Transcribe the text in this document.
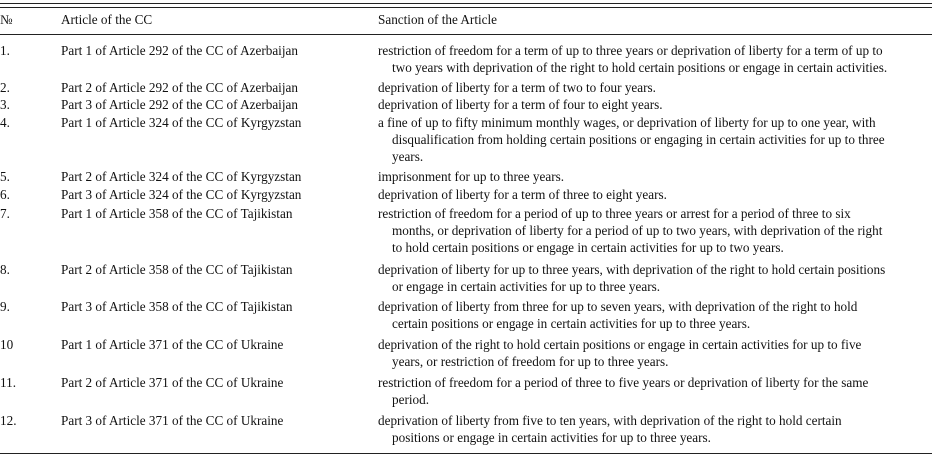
№	Article of the CC	Sanction of the Article
1.	Part 1 of Article 292 of the CC of Azerbaijan	restriction of freedom for a term of up to three years or deprivation of liberty for a term of up to
two years with deprivation of the right to hold certain positions or engage in certain activities.
2.	Part 2 of Article 292 of the CC of Azerbaijan	deprivation of liberty for a term of two to four years.
3.	Part 3 of Article 292 of the CC of Azerbaijan	deprivation of liberty for a term of four to eight years.
4.	Part 1 of Article 324 of the CC of Kyrgyzstan	a fine of up to fifty minimum monthly wages, or deprivation of liberty for up to one year, with
disqualification from holding certain positions or engaging in certain activities for up to three
years.
5.	Part 2 of Article 324 of the CC of Kyrgyzstan	imprisonment for up to three years.
6.	Part 3 of Article 324 of the CC of Kyrgyzstan	deprivation of liberty for a term of three to eight years.
7.	Part 1 of Article 358 of the CC of Tajikistan	restriction of freedom for a period of up to three years or arrest for a period of three to six
months, or deprivation of liberty for a period of up to two years, with deprivation of the right
to hold certain positions or engage in certain activities for up to two years.
8.	Part 2 of Article 358 of the CC of Tajikistan	deprivation of liberty for up to three years, with deprivation of the right to hold certain positions
or engage in certain activities for up to three years.
9.	Part 3 of Article 358 of the CC of Tajikistan	deprivation of liberty from three for up to seven years, with deprivation of the right to hold
certain positions or engage in certain activities for up to three years.
10	Part 1 of Article 371 of the CC of Ukraine	deprivation of the right to hold certain positions or engage in certain activities for up to five
years, or restriction of freedom for up to three years.
11.	Part 2 of Article 371 of the CC of Ukraine	restriction of freedom for a period of three to five years or deprivation of liberty for the same
period.
12.	Part 3 of Article 371 of the CC of Ukraine	deprivation of liberty from five to ten years, with deprivation of the right to hold certain
positions or engage in certain activities for up to three years.
